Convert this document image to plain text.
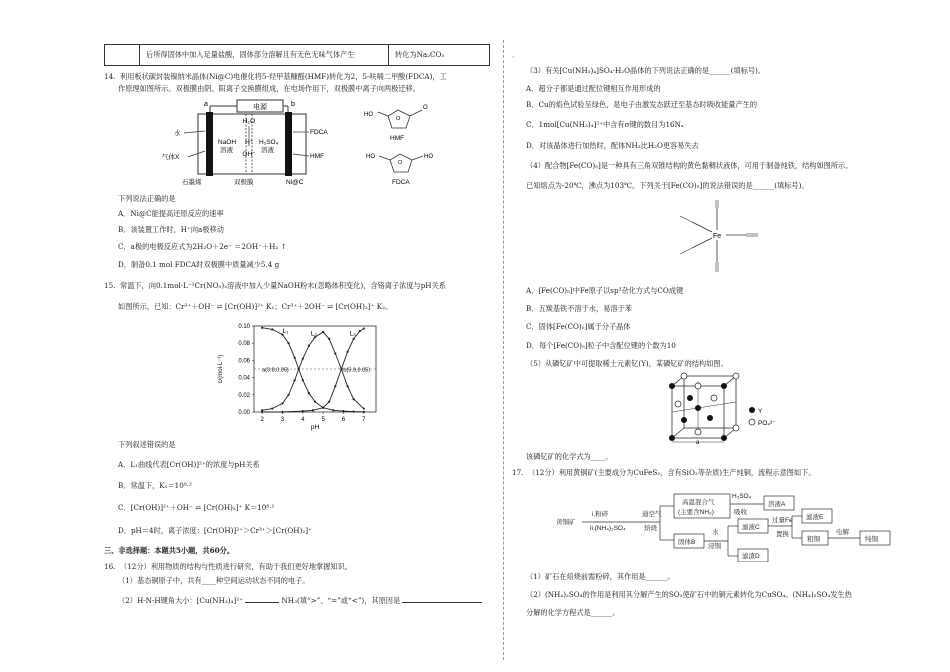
	后所得固体中加入足量盐酸，固体部分溶解且有无色无味气体产生	转化为Na₂CO₃
14. 利用板状碳封装镍纳米晶体(Ni@C)电催化将5-羟甲基糠醛(HMF)转化为2，5-呋喃二甲酸(FDCA)，工
作原理如图所示。双极膜由阴、阳离子交换膜组成，在电场作用下，双极膜中离子向两极迁移。
电源
a	b
H₂O
H⁺
OH⁻
NaOH
溶液
H₂SO₄
溶液
双极膜
石墨烯	Ni@C
水
气体X
FDCA
HMF
O
HO
O
HMF
O
HO	HO
FDCA
下列说法正确的是
A．Ni@C能提高还原反应的速率
B．该装置工作时，H⁺向a极移动
C．a极的电极反应式为2H₂O＋2e⁻ ＝2OH⁻＋H₂ ↑
D．制备0.1 mol FDCA时双极膜中质量减少5.4 g
15. 常温下，向0.1mol·L⁻¹Cr(NO₃)₃溶液中加入少量NaOH粉末(忽略体积变化)，含铬离子浓度与pH关系
如图所示。已知：Cr³⁺＋OH⁻ ⇌ [Cr(OH)]²⁺ K₁；Cr³⁺＋2OH⁻ ⇌ [Cr(OH)₂]⁺ K₂。
0.00
0.02
0.04
0.06
0.08
0.10
2	3	4	5	6	7
pH
c/(mol·L⁻¹)
L₁	L₂	L₃
a(3.8,0.05)	b(5.9,0.05)
下列叙述错误的是
A．L₁曲线代表[Cr(OH)]²⁺的浓度与pH关系
B．常温下，K₁＝10⁹·²
C．[Cr(OH)]²⁺＋OH⁻ ⇌ [Cr(OH)₂]⁺ K＝10⁸·¹
D．pH＝4时，离子浓度：[Cr(OH)]²⁺＞Cr³⁺＞[Cr(OH)₂]⁺
三、非选择题：本题共5小题，共60分。
16. （12分）利用物质的结构与性质进行研究，有助于我们更好地掌握知识。
（1）基态铜原子中，共有____种空间运动状态不同的电子。
（2）H-N-H键角大小：[Cu(NH₃)₄]²⁺	NH₃(填“>”、“=”或“<”)，其原因是
。
（3）有关[Cu(NH₃)₄]SO₄·H₂O晶体的下列说法正确的是______(填标号)。
A．超分子都是通过配位键相互作用形成的
B．Cu的焰色试验呈绿色，是电子由激发态跃迁至基态时吸收能量产生的
C．1mol[Cu(NH₃)₄]²⁺中含有σ键的数目为16Nₐ
D．对该晶体进行加热时，配体NH₃比H₂O更容易失去
（4）配合物[Fe(CO)₅]是一种具有三角双锥结构的黄色黏稠状液体，可用于制备纯铁，结构如图所示。
已知熔点为-20℃，沸点为103℃。下列关于[Fe(CO)₅]的说法错误的是______(填标号)。
Fe
A．[Fe(CO)₅]中Fe原子以sp³杂化方式与CO成键
B．五羰基铁不溶于水，易溶于苯
C．固体[Fe(CO)₅]属于分子晶体
D．每个[Fe(CO)₅]粒子中含配位键的个数为10
（5）从磷钇矿中可提取稀土元素钇(Y)，某磷钇矿的结构如图。
a
Y
PO₄³⁻
该磷钇矿的化学式为____。
17. （12分）利用黄铜矿(主要成分为CuFeS₂，含有SiO₂等杂质)生产纯铜，流程示意图如下。
黄铜矿
i.粉碎
ii.(NH₄)₂SO₄
通空气
焙烧
高温混合气
(主要含NH₃)
H₂SO₄
吸收
溶液A
固体B
水
浸铜
滤液C
滤渣D
过量Fe
置换
滤液E
粗铜
电解
纯铜
（1）矿石在焙烧前需粉碎，其作用是______。
（2）(NH₄)₂SO₄的作用是利用其分解产生的SO₃使矿石中的铜元素转化为CuSO₄。(NH₄)₂SO₄发生热
分解的化学方程式是______。
